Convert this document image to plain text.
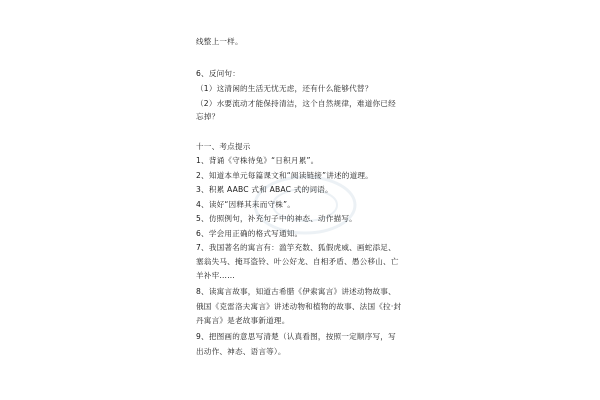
线整上一样。
6、反问句：
（1）这清闲的生活无忧无虑，还有什么能够代替？
（2）水要流动才能保持清洁，这个自然规律，难道你已经
忘掉？
十一、考点提示
1、背诵《守株待兔》“日积月累”。
2、知道本单元每篇课文和“阅读链接”讲述的道理。
3、积累 AABC 式和 ABAC 式的词语。
4、读好“因释其耒而守株”。
5、仿照例句，补充句子中的神态、动作描写。
6、学会用正确的格式写通知。
7、我国著名的寓言有：滥竽充数、狐假虎威、画蛇添足、
塞翁失马、掩耳盗铃、叶公好龙、自相矛盾、愚公移山、亡
羊补牢……
8、读寓言故事，知道古希腊《伊索寓言》讲述动物故事、
俄国《克雷洛夫寓言》讲述动物和植物的故事、法国《拉·封
丹寓言》是老故事新道理。
9、把图画的意思写清楚（认真看图，按照一定顺序写，写
出动作、神态、语言等）。
